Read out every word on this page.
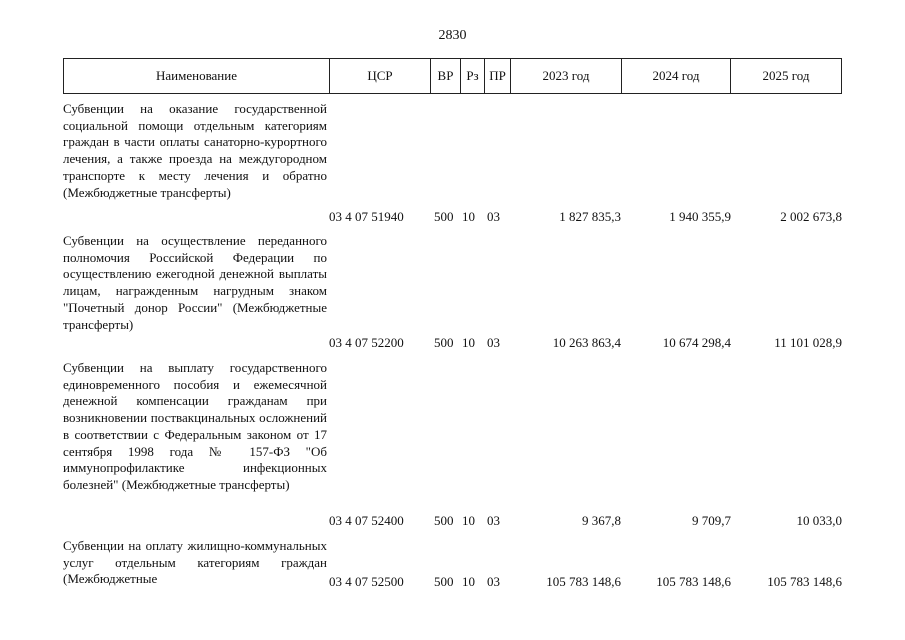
2830
Наименование	ЦСР	ВР Рз ПР	2023 год	2024 год	2025 год
Субвенции на оказание государственной социальной помощи отдельным категориям граждан в части оплаты санаторно-курортного лечения, а также проезда на междугородном транспорте к месту лечения и обратно (Межбюджетные трансферты)
03 4 07 51940 500 10 03	1 827 835,3	1 940 355,9	2 002 673,8
Субвенции на осуществление переданного полномочия Российской Федерации по осуществлению ежегодной денежной выплаты лицам, награжденным нагрудным знаком "Почетный донор России" (Межбюджетные трансферты)
03 4 07 52200 500 10 03	10 263 863,4	10 674 298,4	11 101 028,9
Субвенции на выплату государственного единовременного пособия и ежемесячной денежной компенсации гражданам при возникновении поствакцинальных осложнений в соответствии с Федеральным законом от 17 сентября 1998 года № 157-ФЗ "Об иммунопрофилактике инфекционных болезней" (Межбюджетные трансферты)
03 4 07 52400 500 10 03	9 367,8	9 709,7	10 033,0
Субвенции на оплату жилищно-коммунальных услуг отдельным категориям граждан (Межбюджетные	03 4 07 52500 500 10 03	105 783 148,6	105 783 148,6	105 783 148,6
